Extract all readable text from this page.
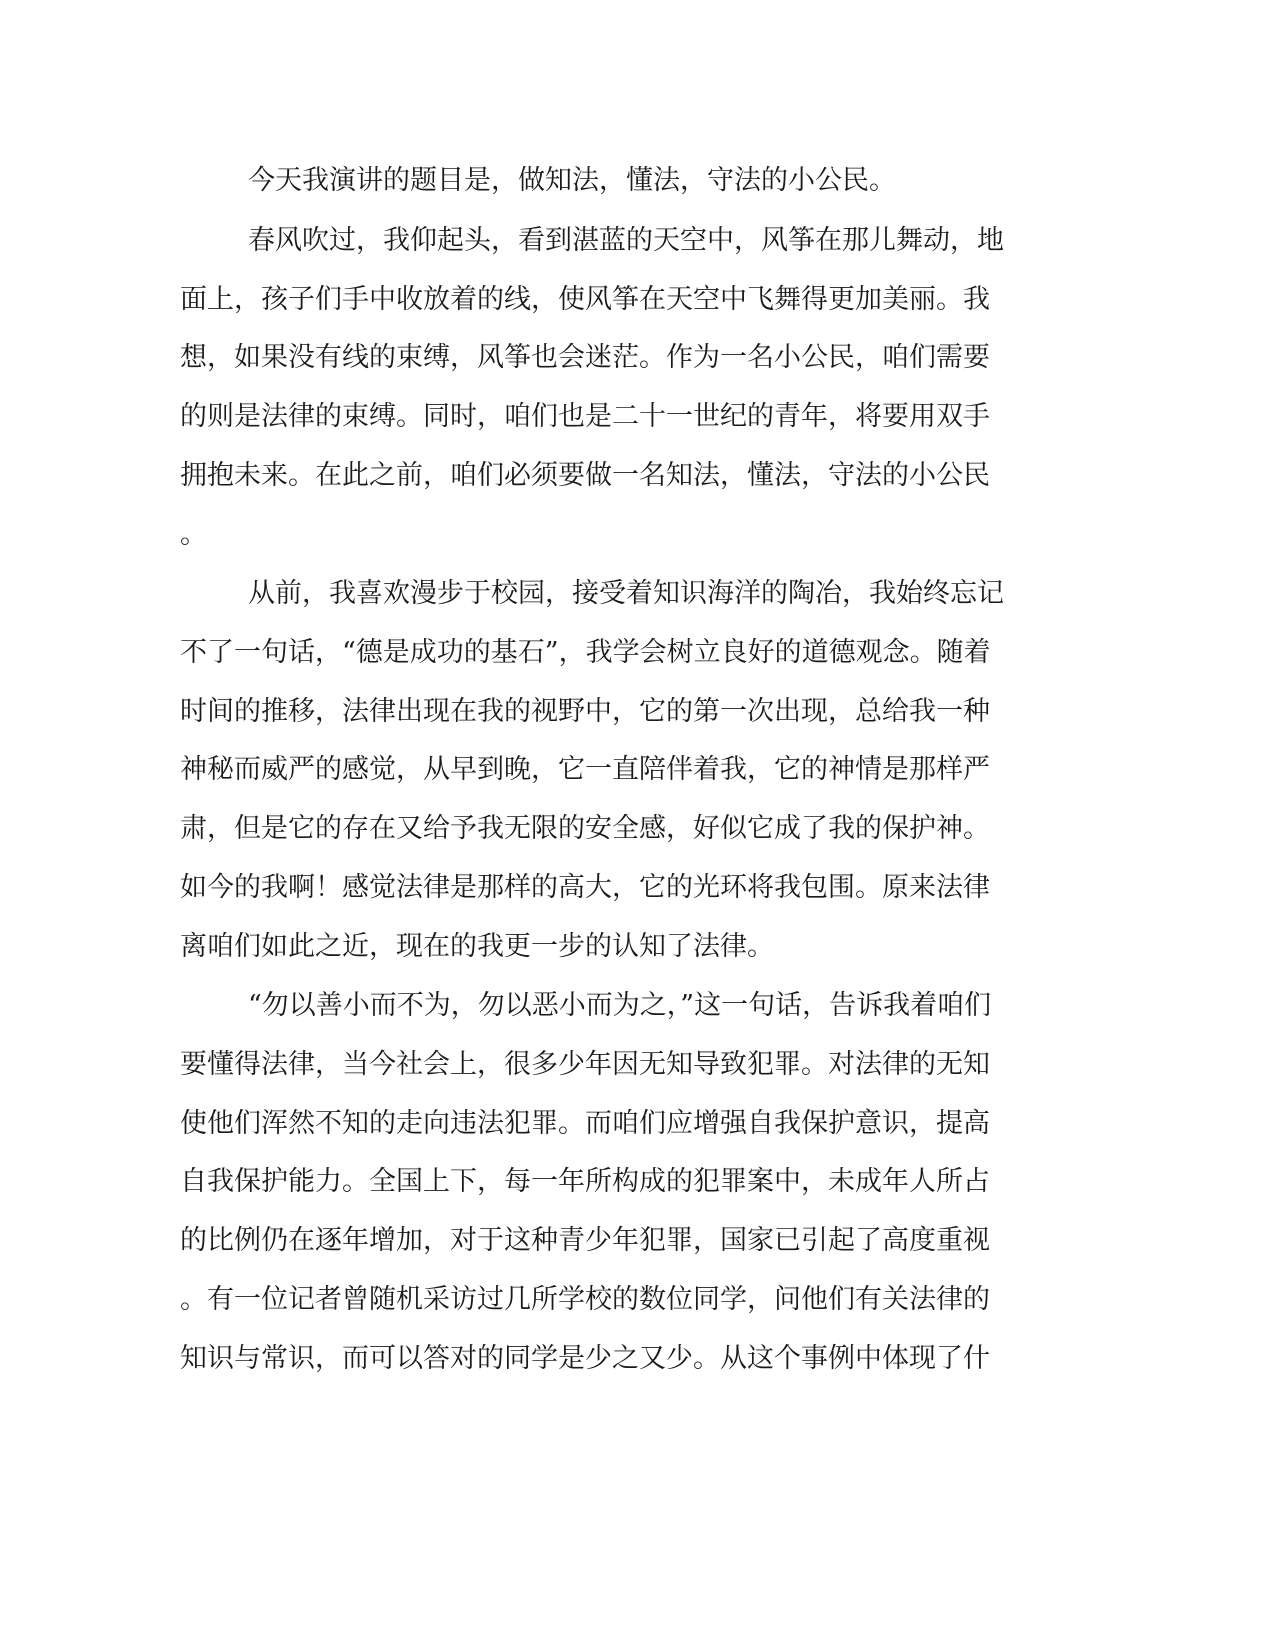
今天我演讲的题目是，做知法，懂法，守法的小公民。

春风吹过，我仰起头，看到湛蓝的天空中，风筝在那儿舞动，地

面上，孩子们手中收放着的线，使风筝在天空中飞舞得更加美丽。我

想，如果没有线的束缚，风筝也会迷茫。作为一名小公民，咱们需要

的则是法律的束缚。同时，咱们也是二十一世纪的青年，将要用双手

拥抱未来。在此之前，咱们必须要做一名知法，懂法，守法的小公民

。

从前，我喜欢漫步于校园，接受着知识海洋的陶冶，我始终忘记

不了一句话，“德是成功的基石”，我学会树立良好的道德观念。随着

时间的推移，法律出现在我的视野中，它的第一次出现，总给我一种

神秘而威严的感觉，从早到晚，它一直陪伴着我，它的神情是那样严

肃，但是它的存在又给予我无限的安全感，好似它成了我的保护神。

如今的我啊！感觉法律是那样的高大，它的光环将我包围。原来法律

离咱们如此之近，现在的我更一步的认知了法律。

“勿以善小而不为，勿以恶小而为之，”这一句话，告诉我着咱们

要懂得法律，当今社会上，很多少年因无知导致犯罪。对法律的无知

使他们浑然不知的走向违法犯罪。而咱们应增强自我保护意识，提高

自我保护能力。全国上下，每一年所构成的犯罪案中，未成年人所占

的比例仍在逐年增加，对于这种青少年犯罪，国家已引起了高度重视

。有一位记者曾随机采访过几所学校的数位同学，问他们有关法律的

知识与常识，而可以答对的同学是少之又少。从这个事例中体现了什
